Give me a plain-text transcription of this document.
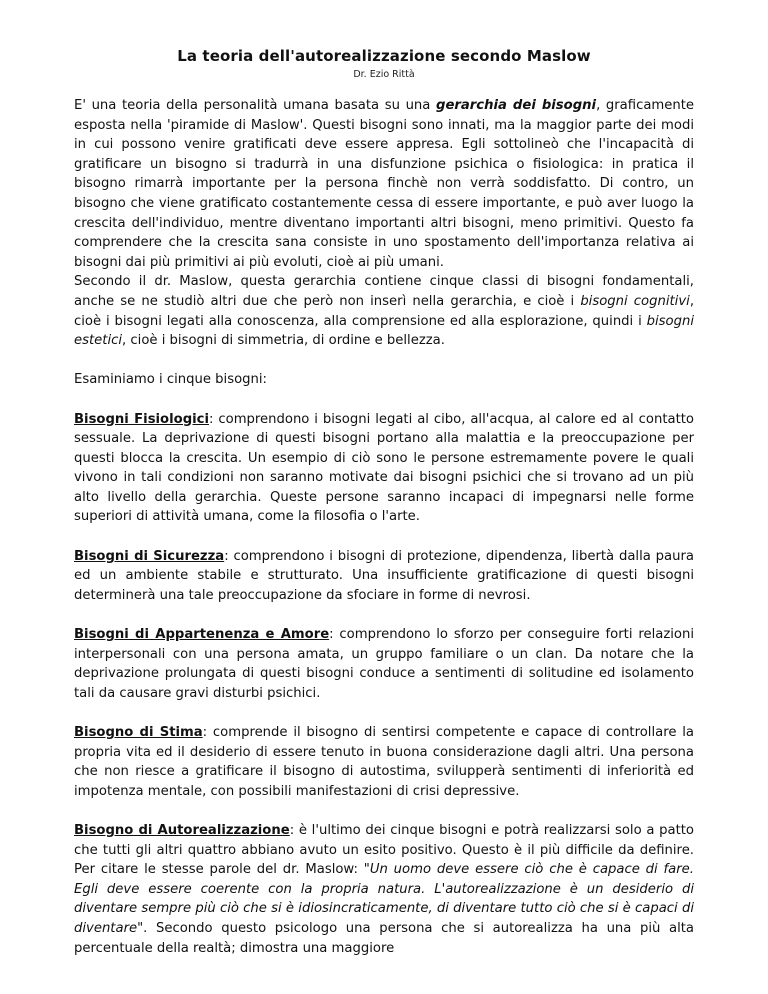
La teoria dell'autorealizzazione secondo Maslow
Dr. Ezio Rittà

E' una teoria della personalità umana basata su una gerarchia dei bisogni, graficamente esposta nella 'piramide di Maslow'. Questi bisogni sono innati, ma la maggior parte dei modi in cui possono venire gratificati deve essere appresa. Egli sottolineò che l'incapacità di gratificare un bisogno si tradurrà in una disfunzione psichica o fisiologica: in pratica il bisogno rimarrà importante per la persona finchè non verrà soddisfatto. Di contro, un bisogno che viene gratificato costantemente cessa di essere importante, e può aver luogo la crescita dell'individuo, mentre diventano importanti altri bisogni, meno primitivi. Questo fa comprendere che la crescita sana consiste in uno spostamento dell'importanza relativa ai bisogni dai più primitivi ai più evoluti, cioè ai più umani.

Secondo il dr. Maslow, questa gerarchia contiene cinque classi di bisogni fondamentali, anche se ne studiò altri due che però non inserì nella gerarchia, e cioè i bisogni cognitivi, cioè i bisogni legati alla conoscenza, alla comprensione ed alla esplorazione, quindi i bisogni estetici, cioè i bisogni di simmetria, di ordine e bellezza.

Esaminiamo i cinque bisogni:

Bisogni Fisiologici: comprendono i bisogni legati al cibo, all'acqua, al calore ed al contatto sessuale. La deprivazione di questi bisogni portano alla malattia e la preoccupazione per questi blocca la crescita. Un esempio di ciò sono le persone estremamente povere le quali vivono in tali condizioni non saranno motivate dai bisogni psichici che si trovano ad un più alto livello della gerarchia. Queste persone saranno incapaci di impegnarsi nelle forme superiori di attività umana, come la filosofia o l'arte.

Bisogni di Sicurezza: comprendono i bisogni di protezione, dipendenza, libertà dalla paura ed un ambiente stabile e strutturato. Una insufficiente gratificazione di questi bisogni determinerà una tale preoccupazione da sfociare in forme di nevrosi.

Bisogni di Appartenenza e Amore: comprendono lo sforzo per conseguire forti relazioni interpersonali con una persona amata, un gruppo familiare o un clan. Da notare che la deprivazione prolungata di questi bisogni conduce a sentimenti di solitudine ed isolamento tali da causare gravi disturbi psichici.

Bisogno di Stima: comprende il bisogno di sentirsi competente e capace di controllare la propria vita ed il desiderio di essere tenuto in buona considerazione dagli altri. Una persona che non riesce a gratificare il bisogno di autostima, svilupperà sentimenti di inferiorità ed impotenza mentale, con possibili manifestazioni di crisi depressive.

Bisogno di Autorealizzazione: è l'ultimo dei cinque bisogni e potrà realizzarsi solo a patto che tutti gli altri quattro abbiano avuto un esito positivo. Questo è il più difficile da definire. Per citare le stesse parole del dr. Maslow: "Un uomo deve essere ciò che è capace di fare. Egli deve essere coerente con la propria natura. L'autorealizzazione è un desiderio di diventare sempre più ciò che si è idiosincraticamente, di diventare tutto ciò che si è capaci di diventare". Secondo questo psicologo una persona che si autorealizza ha una più alta percentuale della realtà; dimostra una maggiore
